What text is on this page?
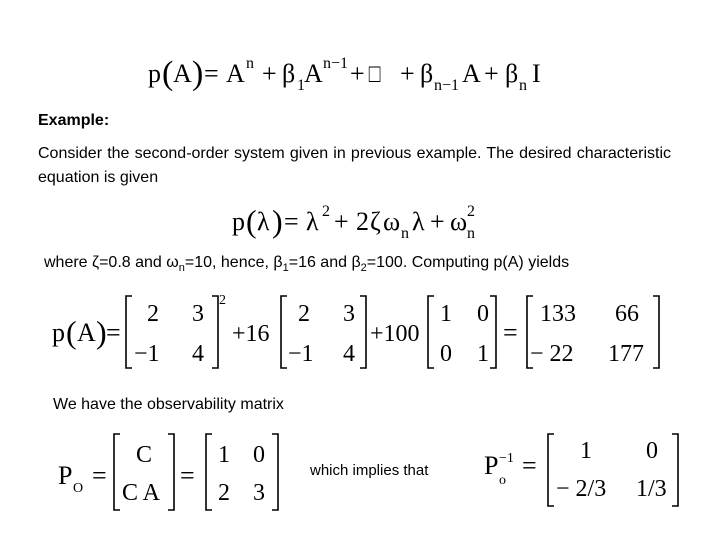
p ( A ) = A n + β 1 A n−1 + ⎕ + β n−1 A + β n I
Example:
Consider the second-order system given in previous example. The desired characteristic equation is given
p ( λ ) = λ 2 + 2 ζ ω n λ + ω 2
n
where ζ=0.8 and $\omega_n=10$, hence, $\beta_1=16$ and $\beta_2=100$. Computing p(A) yields
p ( A ) =
2 3
−1 4
2
+16
2 3
−1 4
+100
1 0
0 1
=
133 66
− 22 177
We have the observability matrix
P O =
C
C A
=
1 0
2 3
which implies that P −1
o
= 1 0
− 2/3 1/3
